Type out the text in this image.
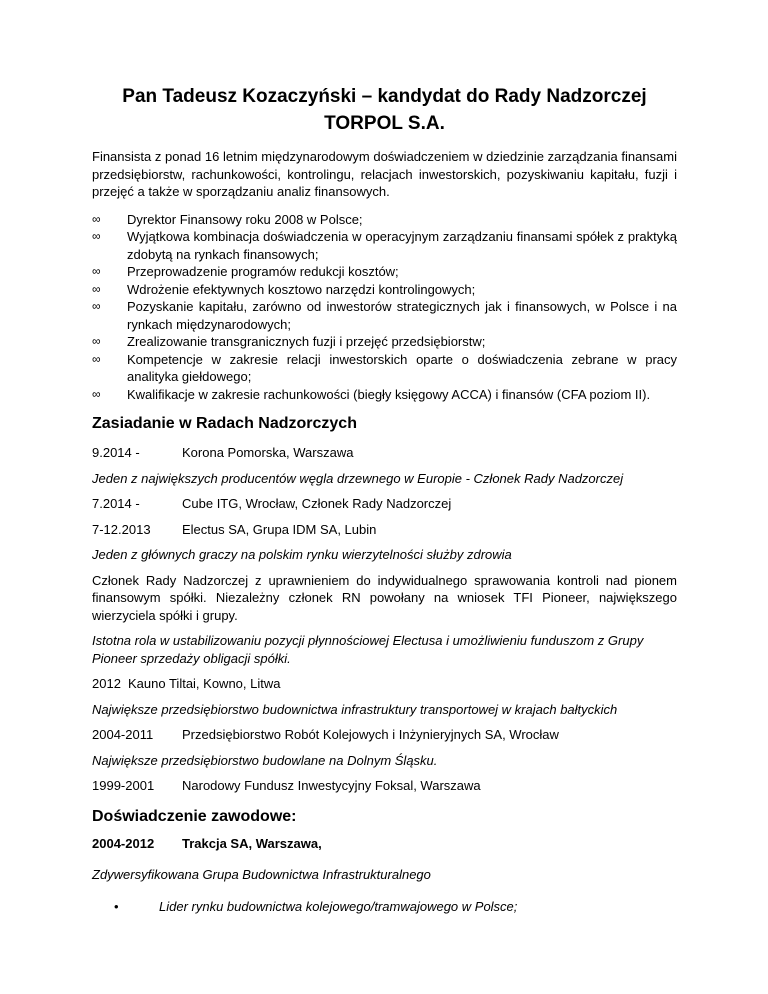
Pan Tadeusz Kozaczyński – kandydat do Rady Nadzorczej TORPOL S.A.

Finansista z ponad 16 letnim międzynarodowym doświadczeniem w dziedzinie zarządzania finansami przedsiębiorstw, rachunkowości, kontrolingu, relacjach inwestorskich, pozyskiwaniu kapitału, fuzji i przejęć a także w sporządzaniu analiz finansowych.

∞	Dyrektor Finansowy roku 2008 w Polsce;
∞	Wyjątkowa kombinacja doświadczenia w operacyjnym zarządzaniu finansami spółek z praktyką zdobytą na rynkach finansowych;
∞	Przeprowadzenie programów redukcji kosztów;
∞	Wdrożenie efektywnych kosztowo narzędzi kontrolingowych;
∞	Pozyskanie kapitału, zarówno od inwestorów strategicznych jak i finansowych, w Polsce i na rynkach międzynarodowych;
∞	Zrealizowanie transgranicznych fuzji i przejęć przedsiębiorstw;
∞	Kompetencje w zakresie relacji inwestorskich oparte o doświadczenia zebrane w pracy analityka giełdowego;
∞	Kwalifikacje w zakresie rachunkowości (biegły księgowy ACCA) i finansów (CFA poziom II).
Zasiadanie w Radach Nadzorczych
9.2014 -	Korona Pomorska, Warszawa

Jeden z największych producentów węgla drzewnego w Europie - Członek Rady Nadzorczej

7.2014 -	Cube ITG, Wrocław, Członek Rady Nadzorczej
7-12.2013	Electus SA, Grupa IDM SA, Lubin

Jeden z głównych graczy na polskim rynku wierzytelności służby zdrowia

Członek Rady Nadzorczej z uprawnieniem do indywidualnego sprawowania kontroli nad pionem finansowym spółki. Niezależny członek RN powołany na wniosek TFI Pioneer, największego wierzyciela spółki i grupy.

Istotna rola w ustabilizowaniu pozycji płynnościowej Electusa i umożliwieniu funduszom z Grupy Pioneer sprzedaży obligacji spółki.

2012 Kauno Tiltai, Kowno, Litwa

Największe przedsiębiorstwo budownictwa infrastruktury transportowej w krajach bałtyckich

2004-2011	Przedsiębiorstwo Robót Kolejowych i Inżynieryjnych SA, Wrocław

Największe przedsiębiorstwo budowlane na Dolnym Śląsku.

1999-2001	Narodowy Fundusz Inwestycyjny Foksal, Warszawa
Doświadczenie zawodowe:
2004-2012	Trakcja SA, Warszawa,

Zdywersyfikowana Grupa Budownictwa Infrastrukturalnego

•	Lider rynku budownictwa kolejowego/tramwajowego w Polsce;
